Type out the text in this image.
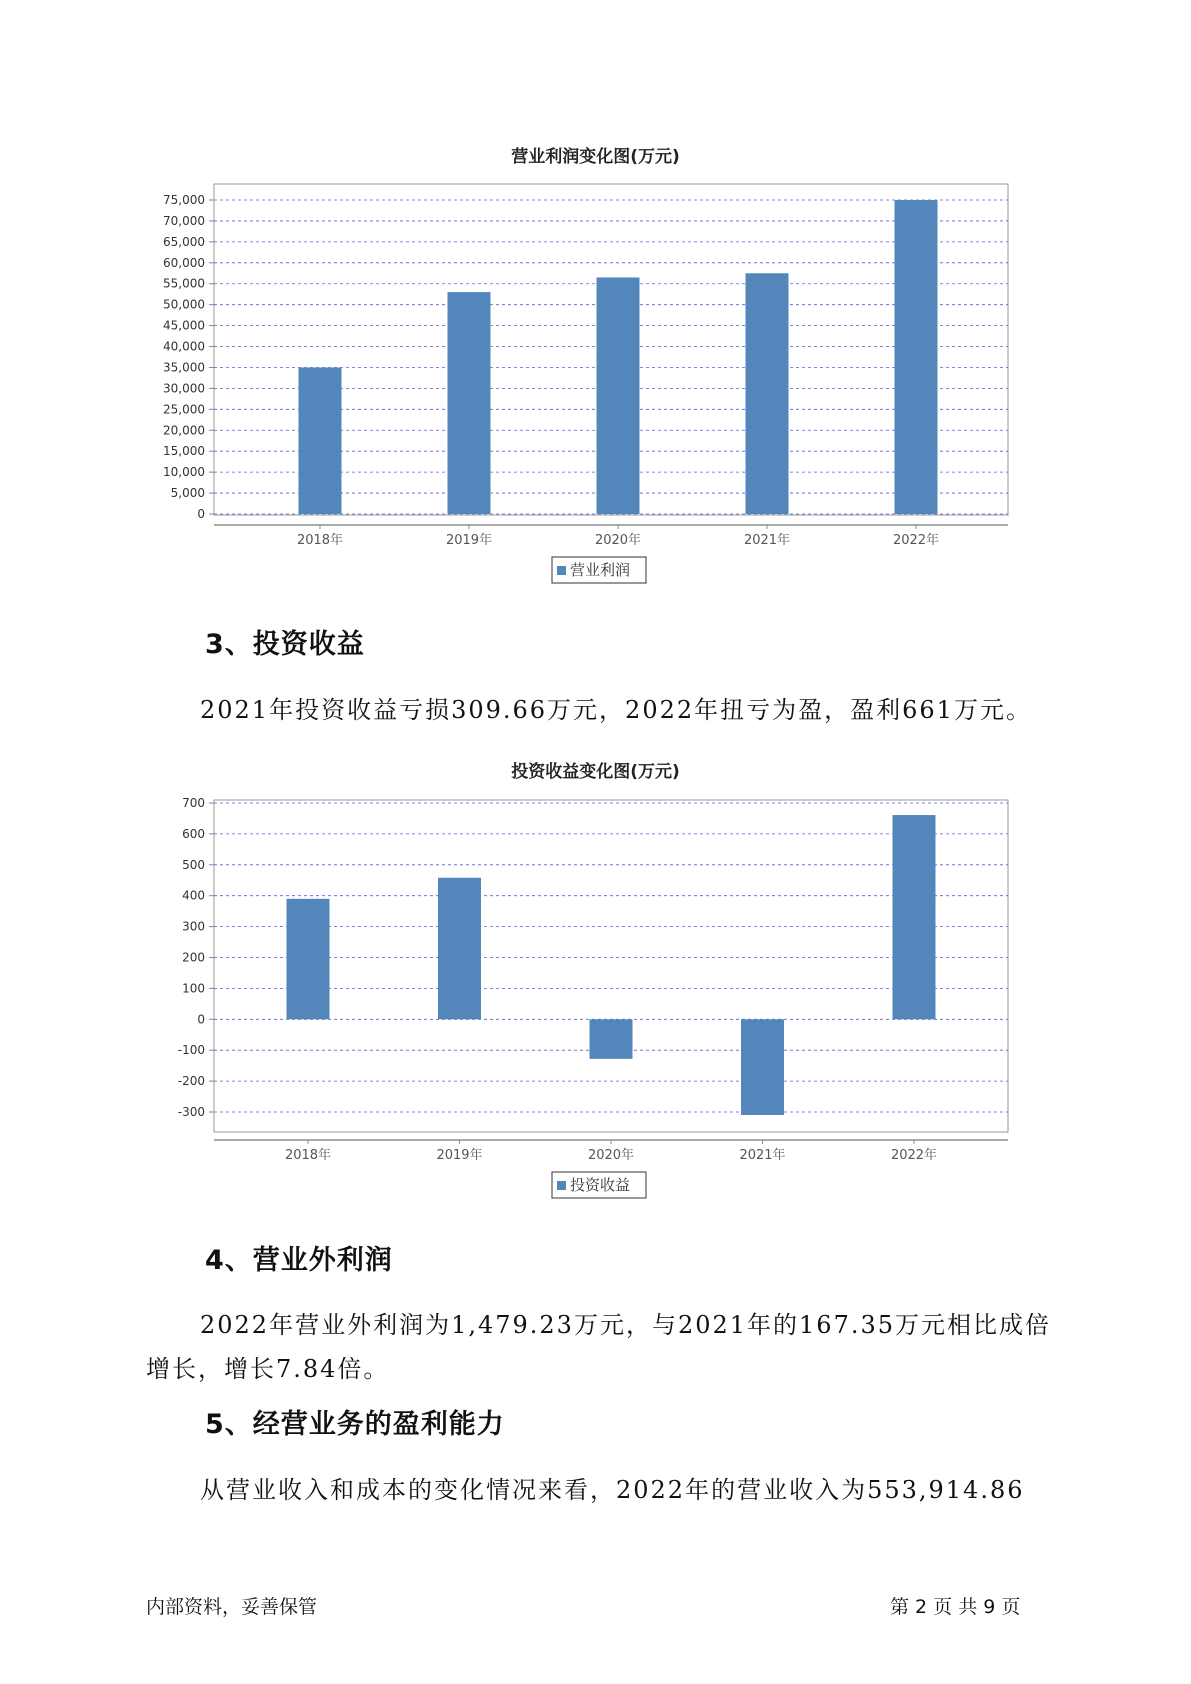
营业利润变化图(万元)
0
5,000
10,000
15,000
20,000
25,000
30,000
35,000
40,000
45,000
50,000
55,000
60,000
65,000
70,000
75,000
2018年	2019年	2020年	2021年	2022年
营业利润
3、投资收益
2021年投资收益亏损309.66万元，2022年扭亏为盈，盈利661万元。
投资收益变化图(万元)
-300
-200
-100
0
100
200
300
400
500
600
700
2018年	2019年	2020年	2021年	2022年
投资收益
4、营业外利润
2022年营业外利润为1,479.23万元，与2021年的167.35万元相比成倍
增长，增长7.84倍。
5、经营业务的盈利能力
从营业收入和成本的变化情况来看，2022年的营业收入为553,914.86
内部资料，妥善保管	第 2 页 共 9 页
